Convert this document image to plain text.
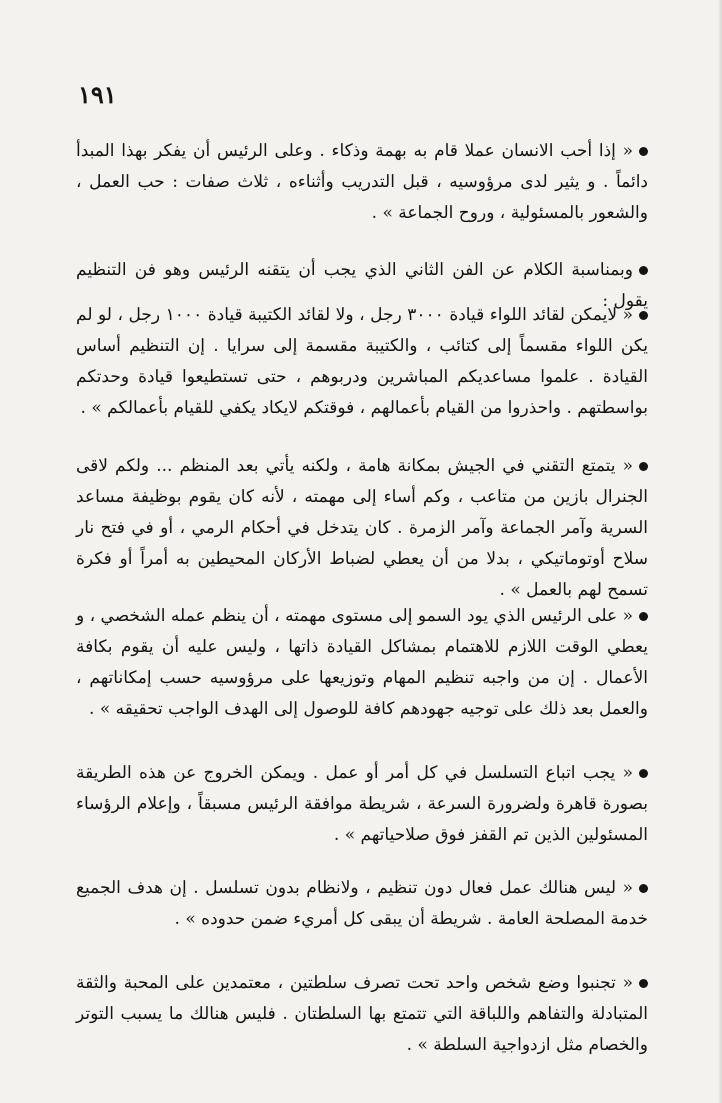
١٩١

« إذا أحب الانسان عملا قام به بهمة وذكاء . وعلى الرئيس أن يفكر بهذا المبدأ دائماً . و يثير لدى مرؤوسيه ، قبل التدريب وأثناءه ، ثلاث صفات : حب العمل ، والشعور بالمسئولية ، وروح الجماعة » .

وبمناسبة الكلام عن الفن الثاني الذي يجب أن يتقنه الرئيس وهو فن التنظيم يقول :

« لايمكن لقائد اللواء قيادة ٣٠٠٠ رجل ، ولا لقائد الكتيبة قيادة ١٠٠٠ رجل ، لو لم يكن اللواء مقسماً إلى كتائب ، والكتيبة مقسمة إلى سرايا . إن التنظيم أساس القيادة . علموا مساعديكم المباشرين ودربوهم ، حتى تستطيعوا قيادة وحدتكم بواسطتهم . واحذروا من القيام بأعمالهم ، فوقتكم لايكاد يكفي للقيام بأعمالكم » .

« يتمتع التقني في الجيش بمكانة هامة ، ولكنه يأتي بعد المنظم ... ولكم لاقى الجنرال بازين من متاعب ، وكم أساء إلى مهمته ، لأنه كان يقوم بوظيفة مساعد السرية وآمر الجماعة وآمر الزمرة . كان يتدخل في أحكام الرمي ، أو في فتح نار سلاح أوتوماتيكي ، بدلا من أن يعطي لضباط الأركان المحيطين به أمراً أو فكرة تسمح لهم بالعمل » .

« على الرئيس الذي يود السمو إلى مستوى مهمته ، أن ينظم عمله الشخصي ، و يعطي الوقت اللازم للاهتمام بمشاكل القيادة ذاتها ، وليس عليه أن يقوم بكافة الأعمال . إن من واجبه تنظيم المهام وتوزيعها على مرؤوسيه حسب إمكاناتهم ، والعمل بعد ذلك على توجيه جهودهم كافة للوصول إلى الهدف الواجب تحقيقه » .

« يجب اتباع التسلسل في كل أمر أو عمل . ويمكن الخروج عن هذه الطريقة بصورة قاهرة ولضرورة السرعة ، شريطة موافقة الرئيس مسبقاً ، وإعلام الرؤساء المسئولين الذين تم القفز فوق صلاحياتهم » .

« ليس هنالك عمل فعال دون تنظيم ، ولانظام بدون تسلسل . إن هدف الجميع خدمة المصلحة العامة . شريطة أن يبقى كل أمريء ضمن حدوده » .

« تجنبوا وضع شخص واحد تحت تصرف سلطتين ، معتمدين على المحبة والثقة المتبادلة والتفاهم واللباقة التي تتمتع بها السلطتان . فليس هنالك ما يسبب التوتر والخصام مثل ازدواجية السلطة » .
